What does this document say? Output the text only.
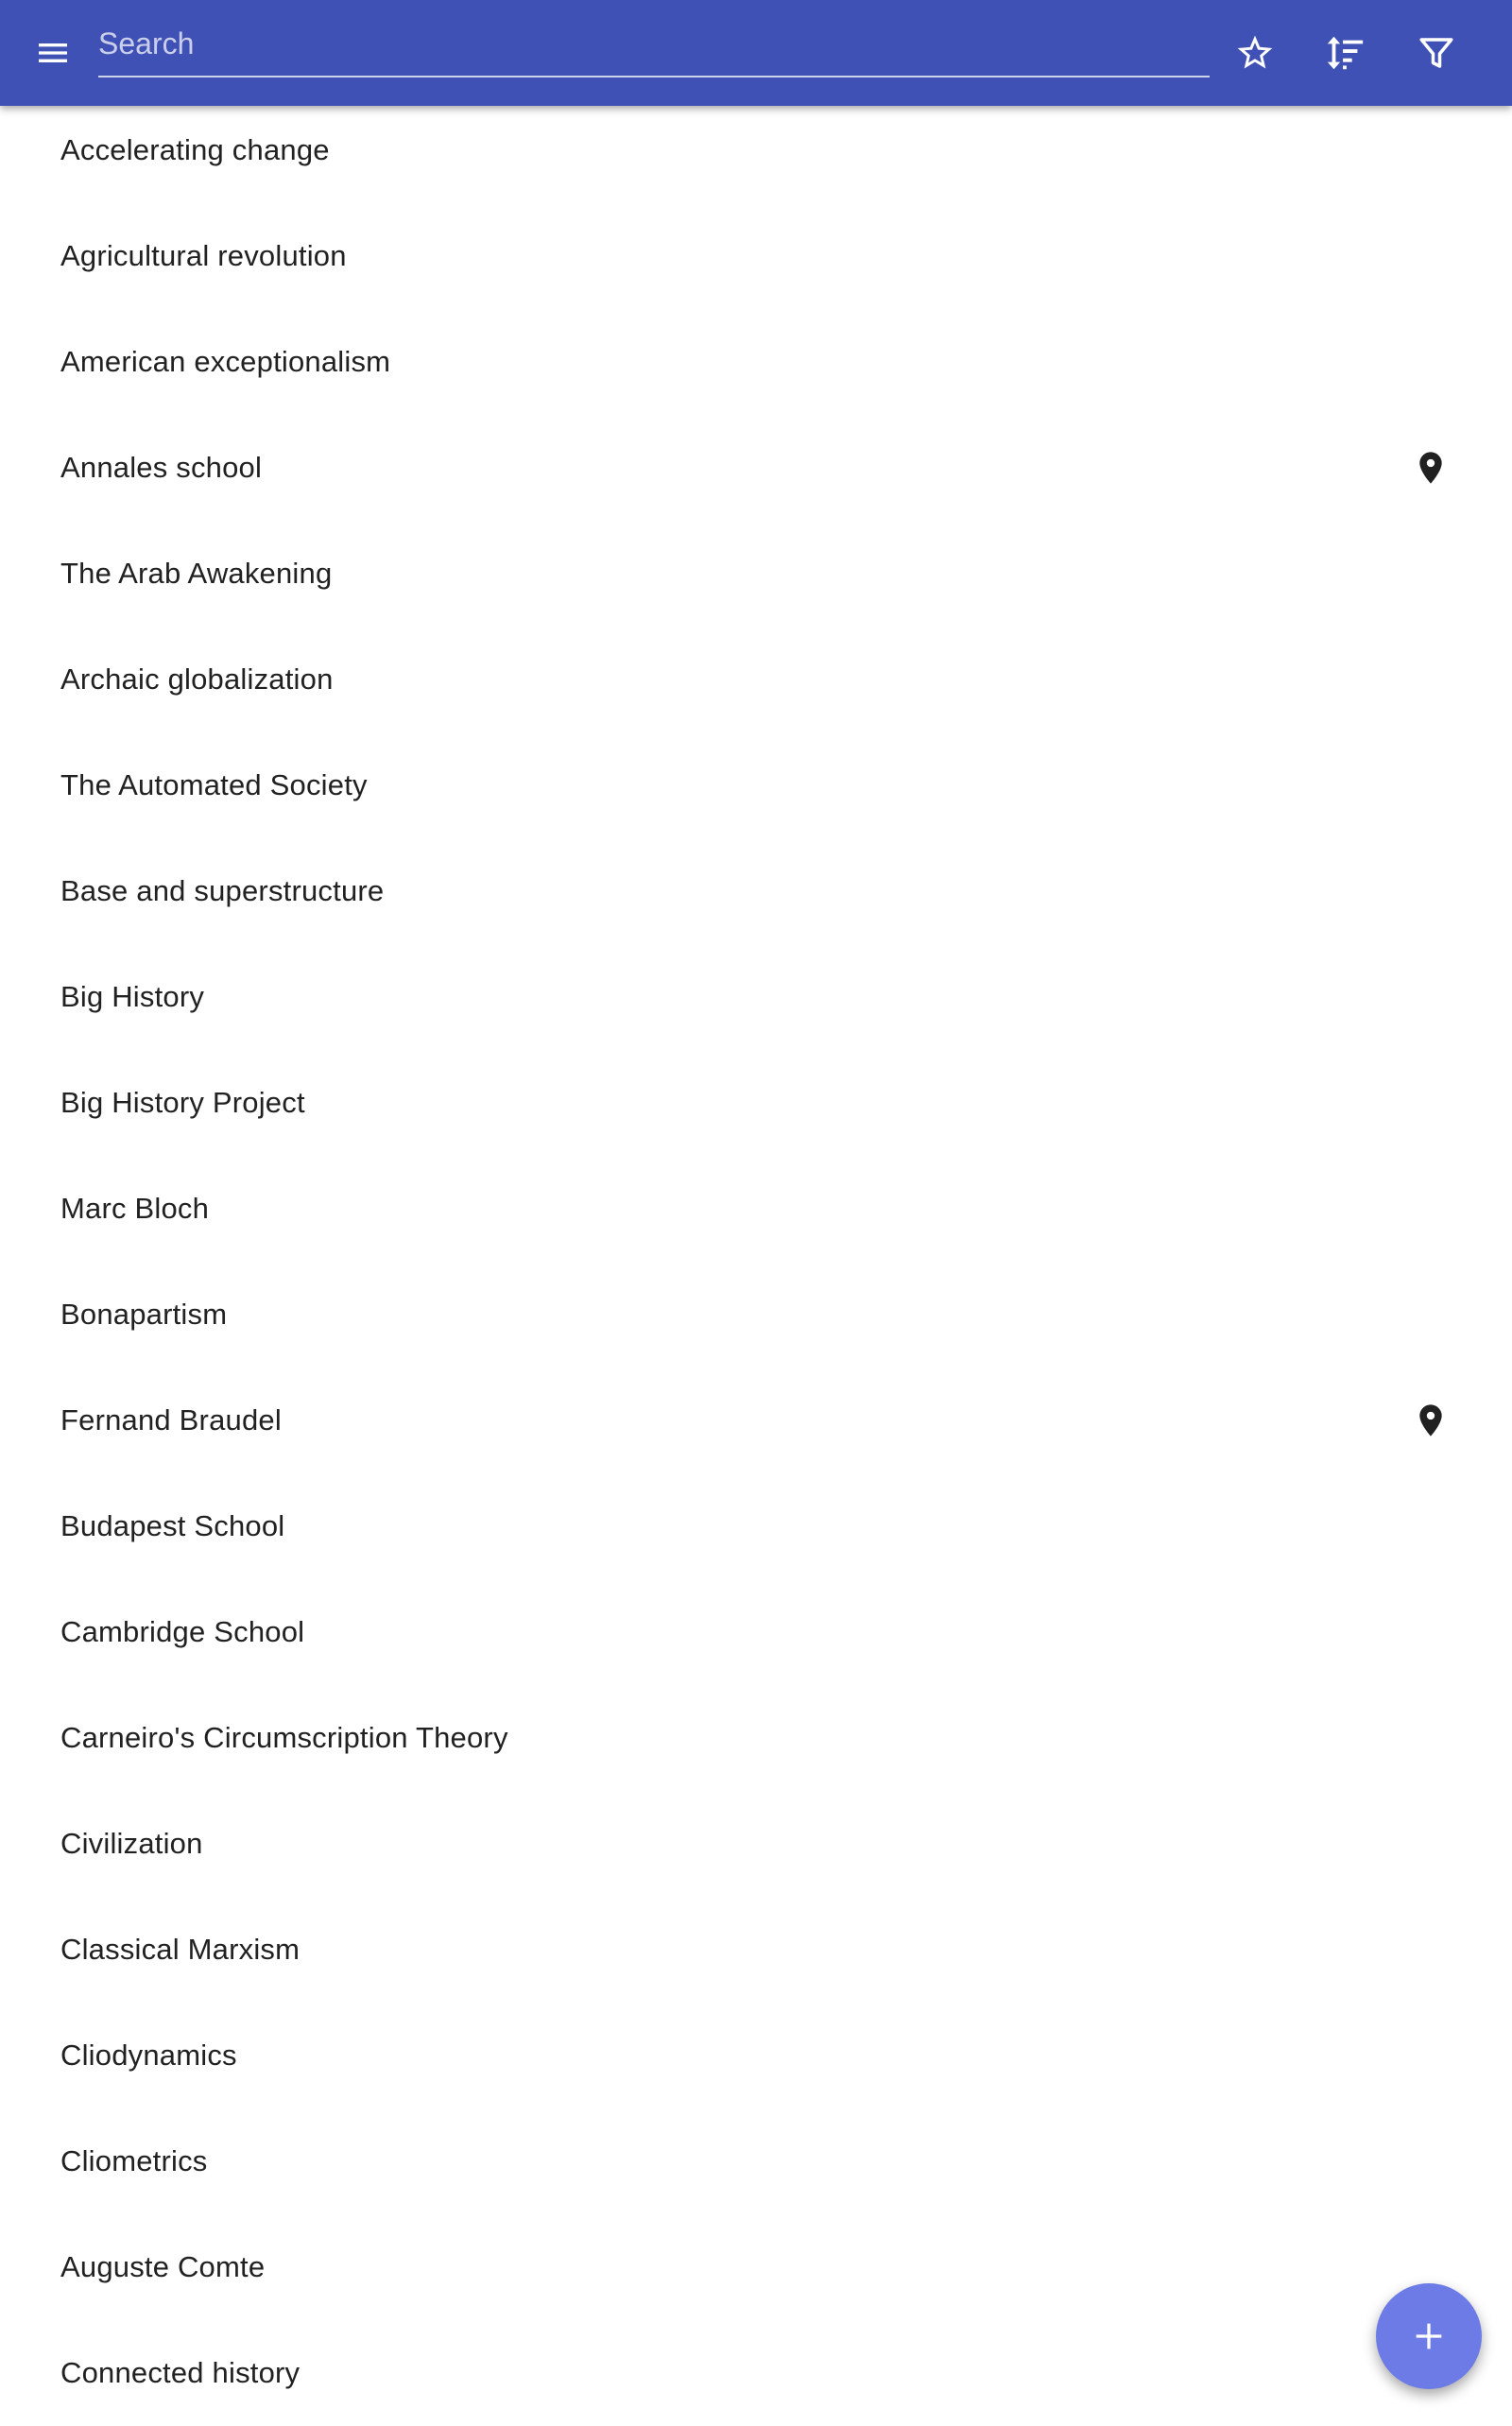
Search
Accelerating change
Agricultural revolution
American exceptionalism
Annales school
The Arab Awakening
Archaic globalization
The Automated Society
Base and superstructure
Big History
Big History Project
Marc Bloch
Bonapartism
Fernand Braudel
Budapest School
Cambridge School
Carneiro's Circumscription Theory
Civilization
Classical Marxism
Cliodynamics
Cliometrics
Auguste Comte
Connected history
